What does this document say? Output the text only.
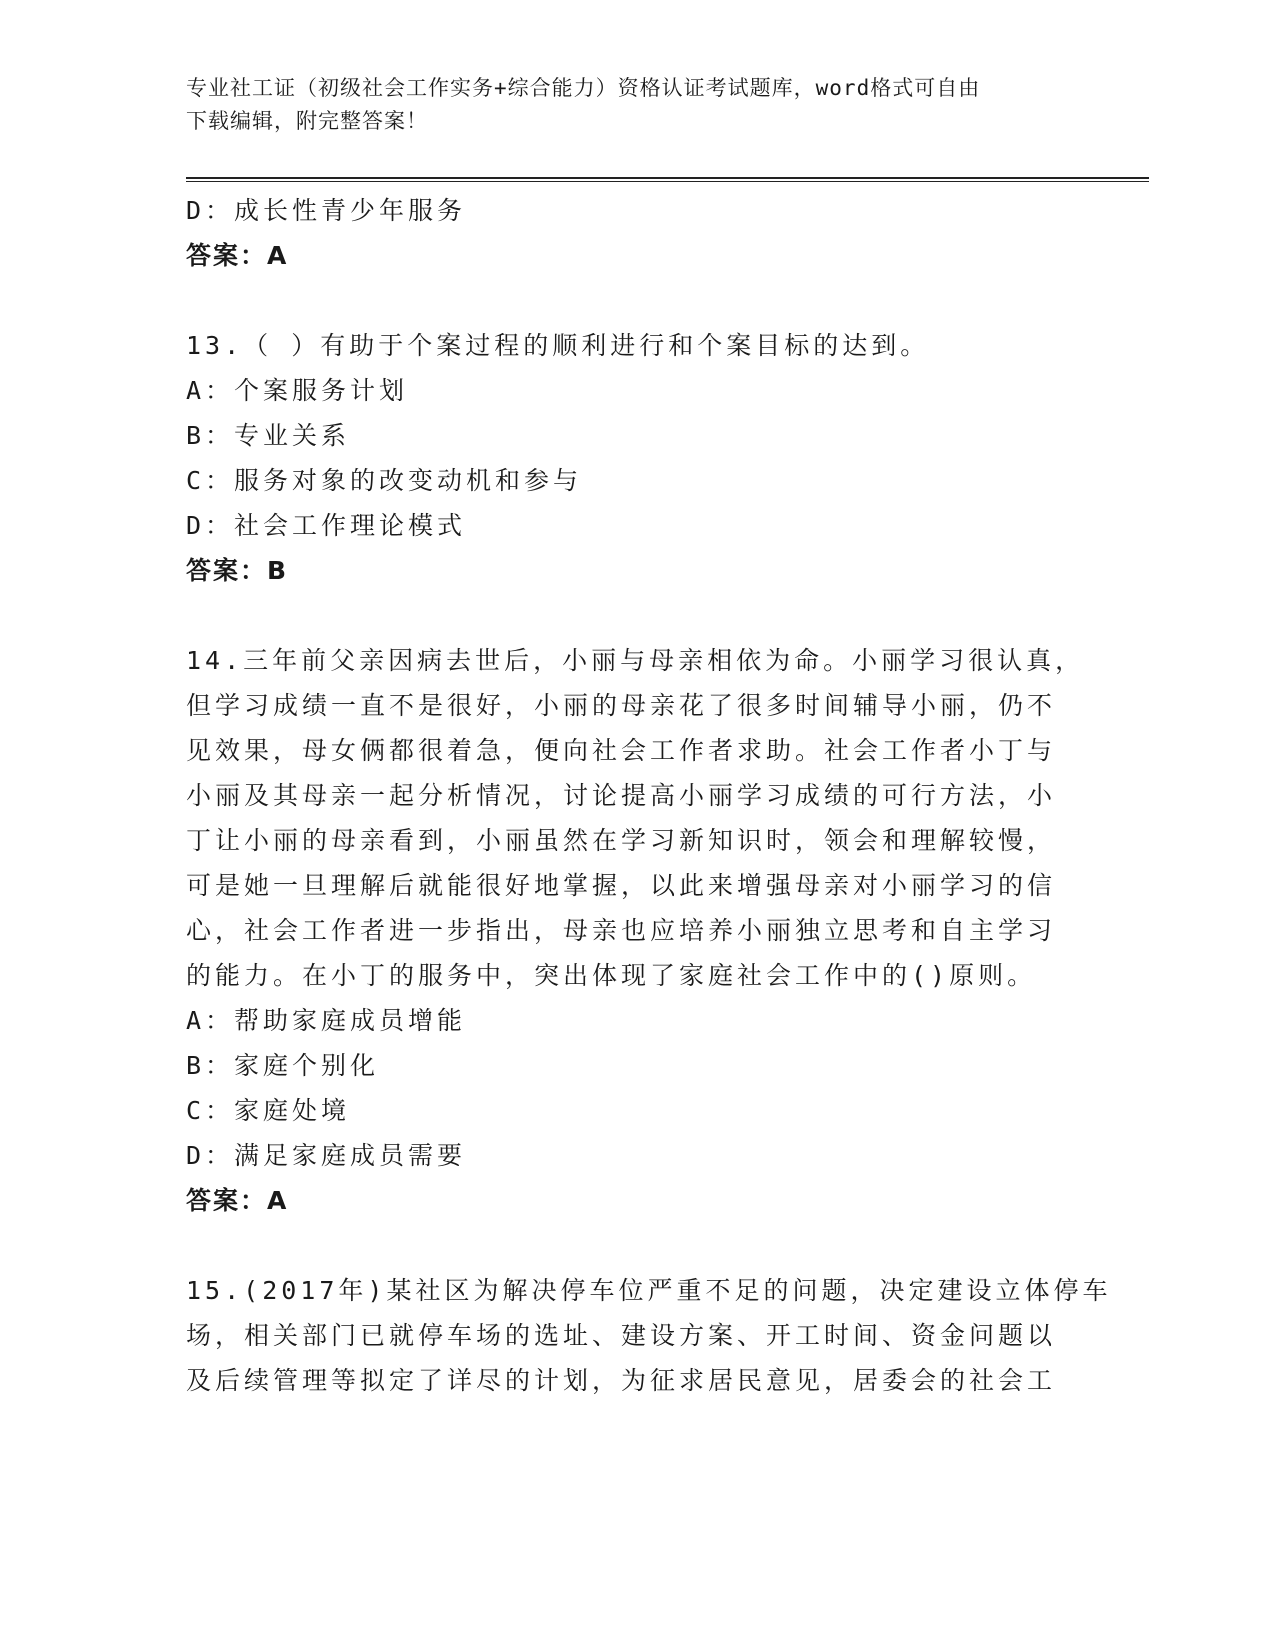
专业社工证（初级社会工作实务+综合能力）资格认证考试题库，word格式可自由
下载编辑，附完整答案！
D：成长性青少年服务
答案：A
13.（ ）有助于个案过程的顺利进行和个案目标的达到。
A：个案服务计划
B：专业关系
C：服务对象的改变动机和参与
D：社会工作理论模式
答案：B

14.三年前父亲因病去世后，小丽与母亲相依为命。小丽学习很认真，

但学习成绩一直不是很好，小丽的母亲花了很多时间辅导小丽，仍不

见效果，母女俩都很着急，便向社会工作者求助。社会工作者小丁与

小丽及其母亲一起分析情况，讨论提高小丽学习成绩的可行方法，小

丁让小丽的母亲看到，小丽虽然在学习新知识时，领会和理解较慢，

可是她一旦理解后就能很好地掌握，以此来增强母亲对小丽学习的信

心，社会工作者进一步指出，母亲也应培养小丽独立思考和自主学习

的能力。在小丁的服务中，突出体现了家庭社会工作中的()原则。

A：帮助家庭成员增能
B：家庭个别化
C：家庭处境
D：满足家庭成员需要
答案：A

15.(2017年)某社区为解决停车位严重不足的问题，决定建设立体停车

场，相关部门已就停车场的选址、建设方案、开工时间、资金问题以

及后续管理等拟定了详尽的计划，为征求居民意见，居委会的社会工
